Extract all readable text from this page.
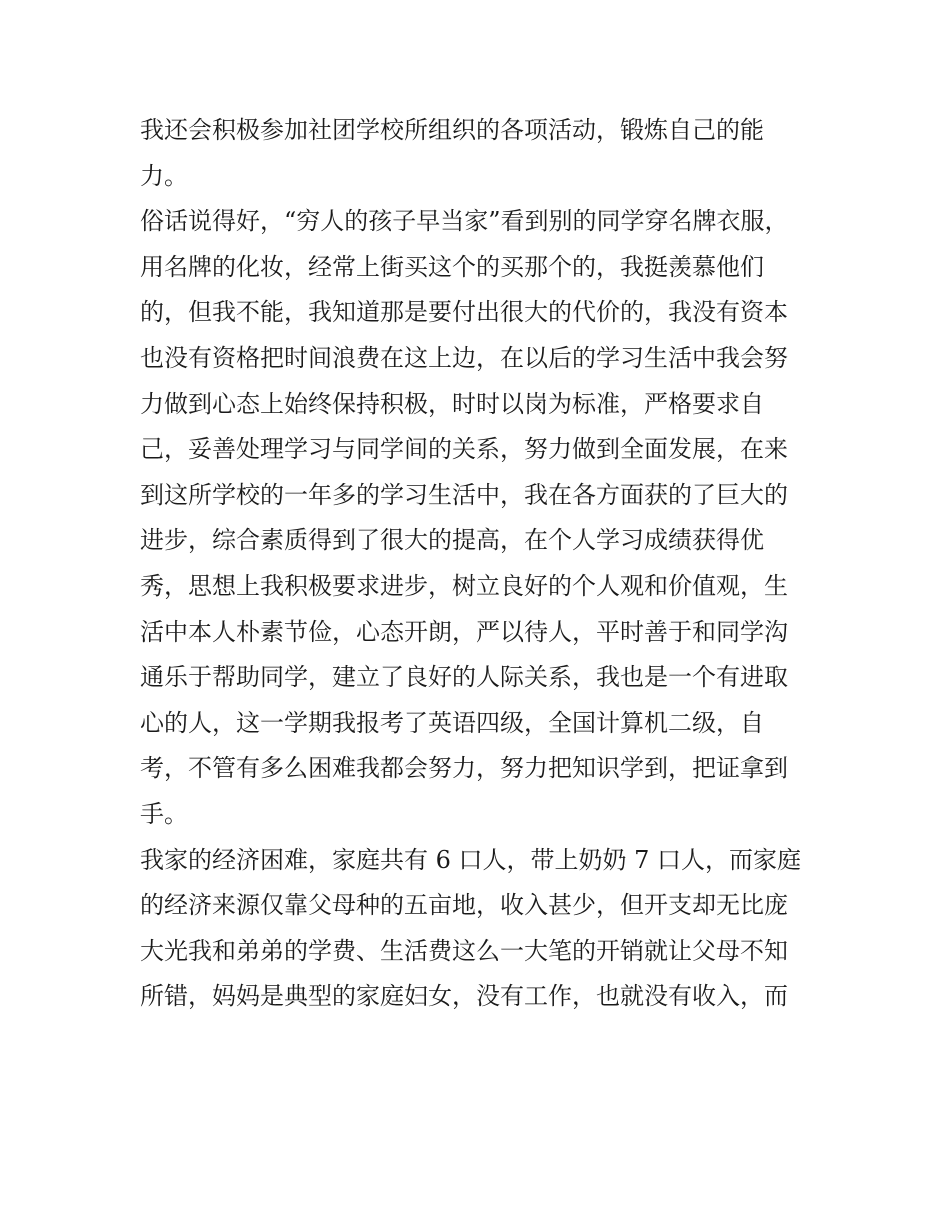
我还会积极参加社团学校所组织的各项活动，锻炼自己的能
力。
俗话说得好，“穷人的孩子早当家”看到别的同学穿名牌衣服，
用名牌的化妆，经常上街买这个的买那个的，我挺羡慕他们
的，但我不能，我知道那是要付出很大的代价的，我没有资本
也没有资格把时间浪费在这上边，在以后的学习生活中我会努
力做到心态上始终保持积极，时时以岗为标准，严格要求自
己，妥善处理学习与同学间的关系，努力做到全面发展，在来
到这所学校的一年多的学习生活中，我在各方面获的了巨大的
进步，综合素质得到了很大的提高，在个人学习成绩获得优
秀，思想上我积极要求进步，树立良好的个人观和价值观，生
活中本人朴素节俭，心态开朗，严以待人，平时善于和同学沟
通乐于帮助同学，建立了良好的人际关系，我也是一个有进取
心的人，这一学期我报考了英语四级，全国计算机二级，自
考，不管有多么困难我都会努力，努力把知识学到，把证拿到
手。
我家的经济困难，家庭共有 6 口人，带上奶奶 7 口人，而家庭
的经济来源仅靠父母种的五亩地，收入甚少，但开支却无比庞
大光我和弟弟的学费、生活费这么一大笔的开销就让父母不知
所错，妈妈是典型的家庭妇女，没有工作，也就没有收入，而
